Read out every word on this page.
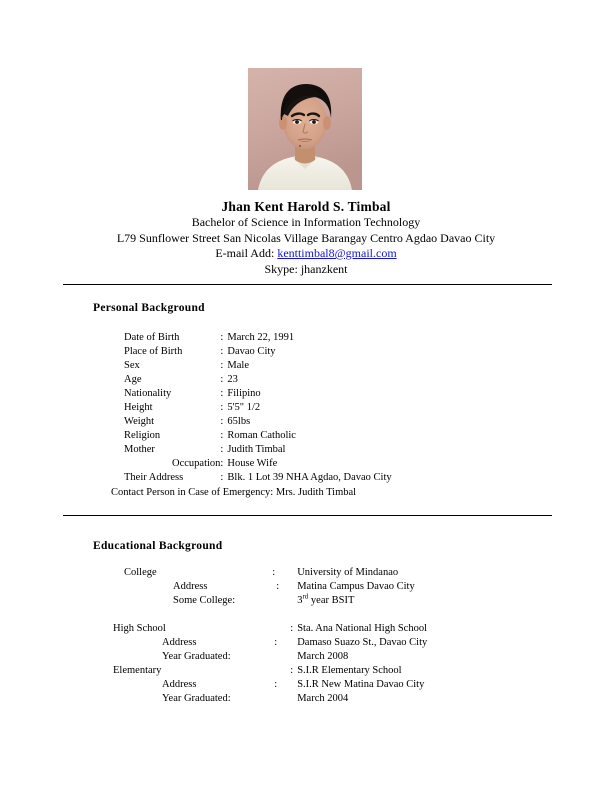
Jhan Kent Harold S. Timbal
Bachelor of Science in Information Technology
L79 Sunflower Street San Nicolas Village Barangay Centro Agdao Davao City
E-mail Add: kenttimbal8@gmail.com
Skype: jhanzkent
Personal Background
Date of Birth	:	March 22, 1991
Place of Birth	:	Davao City
Sex	:	Male
Age	:	23
Nationality	:	Filipino
Height	:	5'5" 1/2
Weight	:	65lbs
Religion	:	Roman Catholic
Mother	:	Judith Timbal
Occupation	:	House Wife
Their Address	:	Blk. 1 Lot 39 NHA Agdao, Davao City
Contact Person in Case of Emergency: Mrs. Judith Timbal		
Educational Background
College	:	University of Mindanao
Address	:	Matina Campus Davao City
Some College	:	3rd year BSIT

High School	:	Sta. Ana National High School
Address	:	Damaso Suazo St., Davao City
Year Graduated:		March 2008
Elementary	:	S.I.R Elementary School
Address	:	S.I.R New Matina Davao City
Year Graduated:		March 2004
